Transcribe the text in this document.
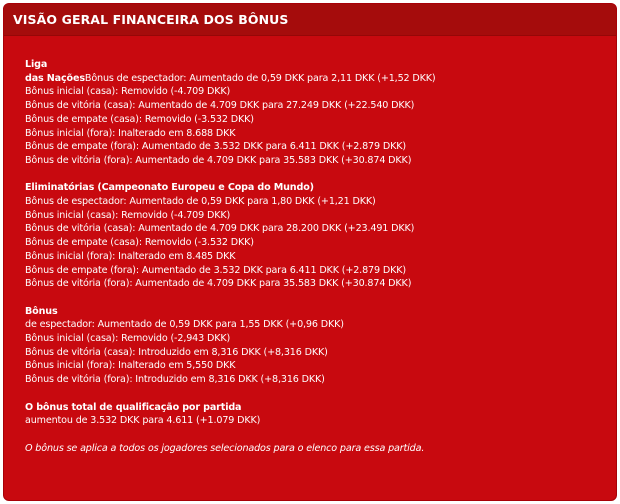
VISÃO GERAL FINANCEIRA DOS BÔNUS
Liga
das NaçõesBônus de espectador: Aumentado de 0,59 DKK para 2,11 DKK (+1,52 DKK)
Bônus inicial (casa): Removido (-4.709 DKK)
Bônus de vitória (casa): Aumentado de 4.709 DKK para 27.249 DKK (+22.540 DKK)
Bônus de empate (casa): Removido (-3.532 DKK)
Bônus inicial (fora): Inalterado em 8.688 DKK
Bônus de empate (fora): Aumentado de 3.532 DKK para 6.411 DKK (+2.879 DKK)
Bônus de vitória (fora): Aumentado de 4.709 DKK para 35.583 DKK (+30.874 DKK)
Eliminatórias (Campeonato Europeu e Copa do Mundo)
Bônus de espectador: Aumentado de 0,59 DKK para 1,80 DKK (+1,21 DKK)
Bônus inicial (casa): Removido (-4.709 DKK)
Bônus de vitória (casa): Aumentado de 4.709 DKK para 28.200 DKK (+23.491 DKK)
Bônus de empate (casa): Removido (-3.532 DKK)
Bônus inicial (fora): Inalterado em 8.485 DKK
Bônus de empate (fora): Aumentado de 3.532 DKK para 6.411 DKK (+2.879 DKK)
Bônus de vitória (fora): Aumentado de 4.709 DKK para 35.583 DKK (+30.874 DKK)
Bônus
de espectador: Aumentado de 0,59 DKK para 1,55 DKK (+0,96 DKK)
Bônus inicial (casa): Removido (-2,943 DKK)
Bônus de vitória (casa): Introduzido em 8,316 DKK (+8,316 DKK)
Bônus inicial (fora): Inalterado em 5,550 DKK
Bônus de vitória (fora): Introduzido em 8,316 DKK (+8,316 DKK)
O bônus total de qualificação por partida
aumentou de 3.532 DKK para 4.611 (+1.079 DKK)
O bônus se aplica a todos os jogadores selecionados para o elenco para essa partida.
